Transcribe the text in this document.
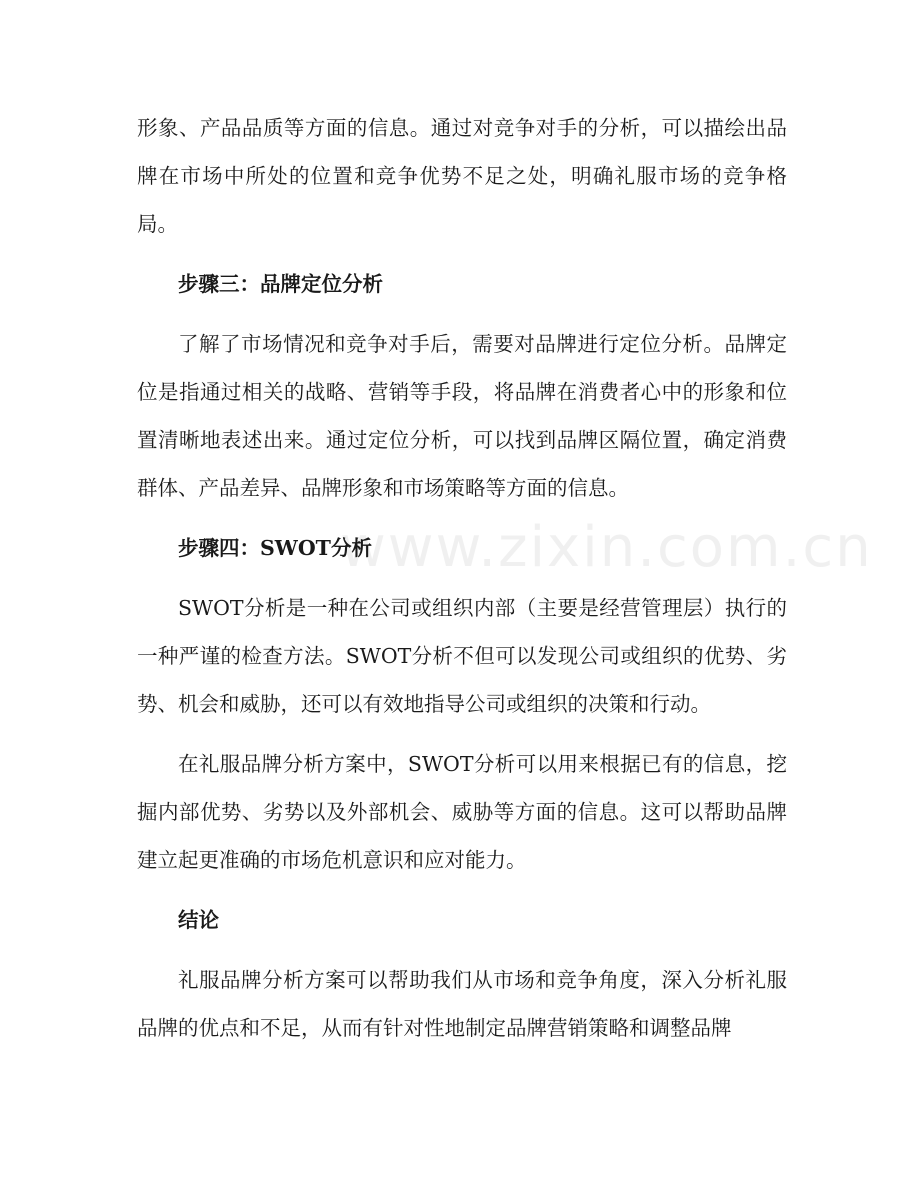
www.zixin.com.cn

形象、产品品质等方面的信息。通过对竞争对手的分析，可以描绘出品牌在市场中所处的位置和竞争优势不足之处，明确礼服市场的竞争格局。

步骤三：品牌定位分析

了解了市场情况和竞争对手后，需要对品牌进行定位分析。品牌定位是指通过相关的战略、营销等手段，将品牌在消费者心中的形象和位置清晰地表述出来。通过定位分析，可以找到品牌区隔位置，确定消费群体、产品差异、品牌形象和市场策略等方面的信息。

步骤四：SWOT分析

SWOT分析是一种在公司或组织内部（主要是经营管理层）执行的一种严谨的检查方法。SWOT分析不但可以发现公司或组织的优势、劣势、机会和威胁，还可以有效地指导公司或组织的决策和行动。

在礼服品牌分析方案中，SWOT分析可以用来根据已有的信息，挖掘内部优势、劣势以及外部机会、威胁等方面的信息。这可以帮助品牌建立起更准确的市场危机意识和应对能力。

结论

礼服品牌分析方案可以帮助我们从市场和竞争角度，深入分析礼服品牌的优点和不足，从而有针对性地制定品牌营销策略和调整品牌
